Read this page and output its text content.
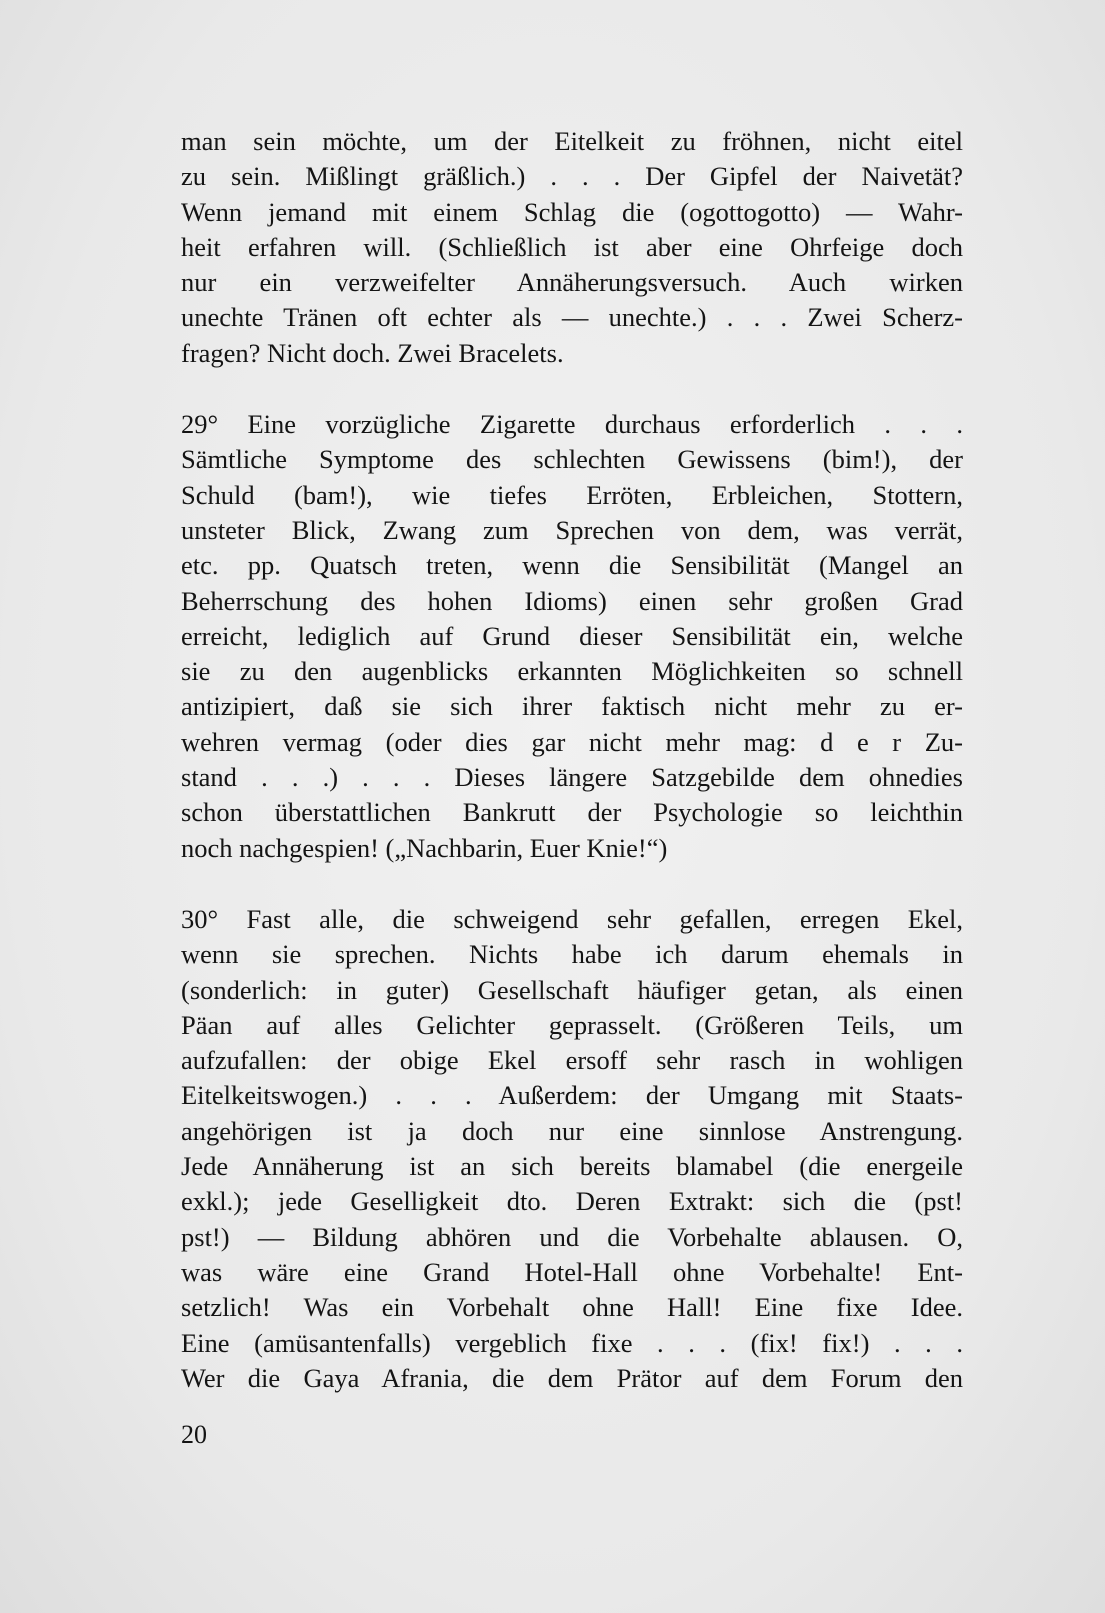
man sein möchte, um der Eitelkeit zu fröhnen, nicht eitel
zu sein. Mißlingt gräßlich.) . . . Der Gipfel der Naivetät?
Wenn jemand mit einem Schlag die (ogottogotto) — Wahr-
heit erfahren will. (Schließlich ist aber eine Ohrfeige doch
nur ein verzweifelter Annäherungsversuch. Auch wirken
unechte Tränen oft echter als — unechte.) . . . Zwei Scherz-
fragen? Nicht doch. Zwei Bracelets.
29° Eine vorzügliche Zigarette durchaus erforderlich . . .
Sämtliche Symptome des schlechten Gewissens (bim!), der
Schuld (bam!), wie tiefes Erröten, Erbleichen, Stottern,
unsteter Blick, Zwang zum Sprechen von dem, was verrät,
etc. pp. Quatsch treten, wenn die Sensibilität (Mangel an
Beherrschung des hohen Idioms) einen sehr großen Grad
erreicht, lediglich auf Grund dieser Sensibilität ein, welche
sie zu den augenblicks erkannten Möglichkeiten so schnell
antizipiert, daß sie sich ihrer faktisch nicht mehr zu er-
wehren vermag (oder dies gar nicht mehr mag: d e r Zu-
stand . . .) . . . Dieses längere Satzgebilde dem ohnedies
schon überstattlichen Bankrutt der Psychologie so leichthin
noch nachgespien! („Nachbarin, Euer Knie!“)
30° Fast alle, die schweigend sehr gefallen, erregen Ekel,
wenn sie sprechen. Nichts habe ich darum ehemals in
(sonderlich: in guter) Gesellschaft häufiger getan, als einen
Päan auf alles Gelichter geprasselt. (Größeren Teils, um
aufzufallen: der obige Ekel ersoff sehr rasch in wohligen
Eitelkeitswogen.) . . . Außerdem: der Umgang mit Staats-
angehörigen ist ja doch nur eine sinnlose Anstrengung.
Jede Annäherung ist an sich bereits blamabel (die energeile
exkl.); jede Geselligkeit dto. Deren Extrakt: sich die (pst!
pst!) — Bildung abhören und die Vorbehalte ablausen. O,
was wäre eine Grand Hotel-Hall ohne Vorbehalte! Ent-
setzlich! Was ein Vorbehalt ohne Hall! Eine fixe Idee.
Eine (amüsantenfalls) vergeblich fixe . . . (fix! fix!) . . .
Wer die Gaya Afrania, die dem Prätor auf dem Forum den
20
